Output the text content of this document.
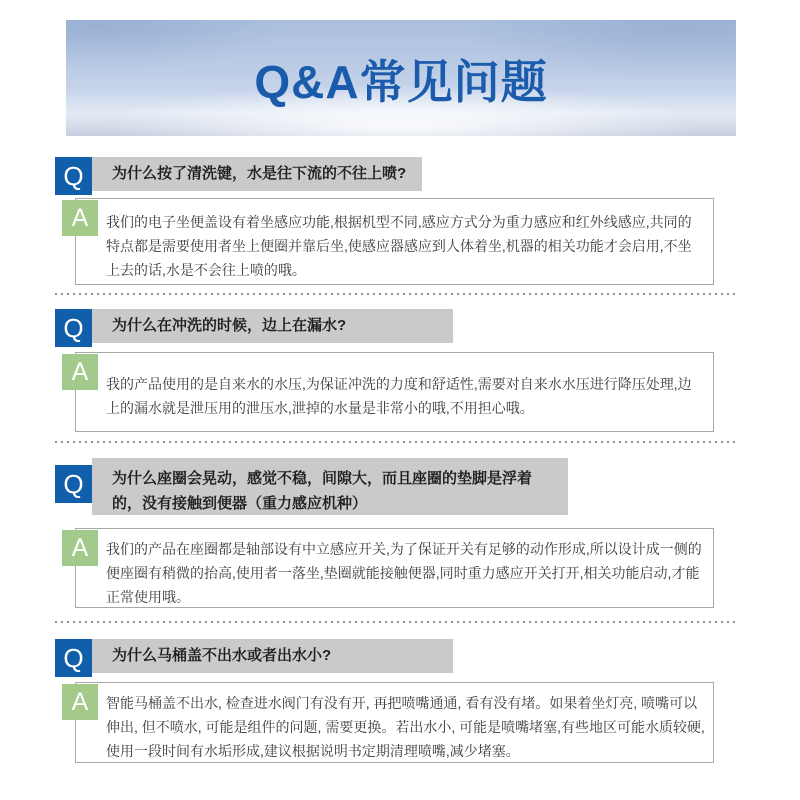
Q&A常见问题
Q	为什么按了清洗键，水是往下流的不往上喷?
我们的电子坐便盖设有着坐感应功能,根据机型不同,感应方式分为重力感应和红外线感应,共同的特点都是需要使用者坐上便圈并靠后坐,使感应器感应到人体着坐,机器的相关功能才会启用,不坐上去的话,水是不会往上喷的哦。
A
Q	为什么在冲洗的时候，边上在漏水?
我的产品使用的是自来水的水压,为保证冲洗的力度和舒适性,需要对自来水水压进行降压处理,边上的漏水就是泄压用的泄压水,泄掉的水量是非常小的哦,不用担心哦。
A
Q	为什么座圈会晃动，感觉不稳，间隙大，而且座圈的垫脚是浮着的，没有接触到便器（重力感应机种）
我们的产品在座圈都是轴部设有中立感应开关,为了保证开关有足够的动作形成,所以设计成一侧的便座圈有稍微的抬高,使用者一落坐,垫圈就能接触便器,同时重力感应开关打开,相关功能启动,才能正常使用哦。
A
Q	为什么马桶盖不出水或者出水小?
智能马桶盖不出水, 检查进水阀门有没有开, 再把喷嘴通通, 看有没有堵。如果着坐灯亮, 喷嘴可以伸出, 但不喷水, 可能是组件的问题, 需要更换。若出水小, 可能是喷嘴堵塞,有些地区可能水质较硬,使用一段时间有水垢形成,建议根据说明书定期清理喷嘴,减少堵塞。
A
